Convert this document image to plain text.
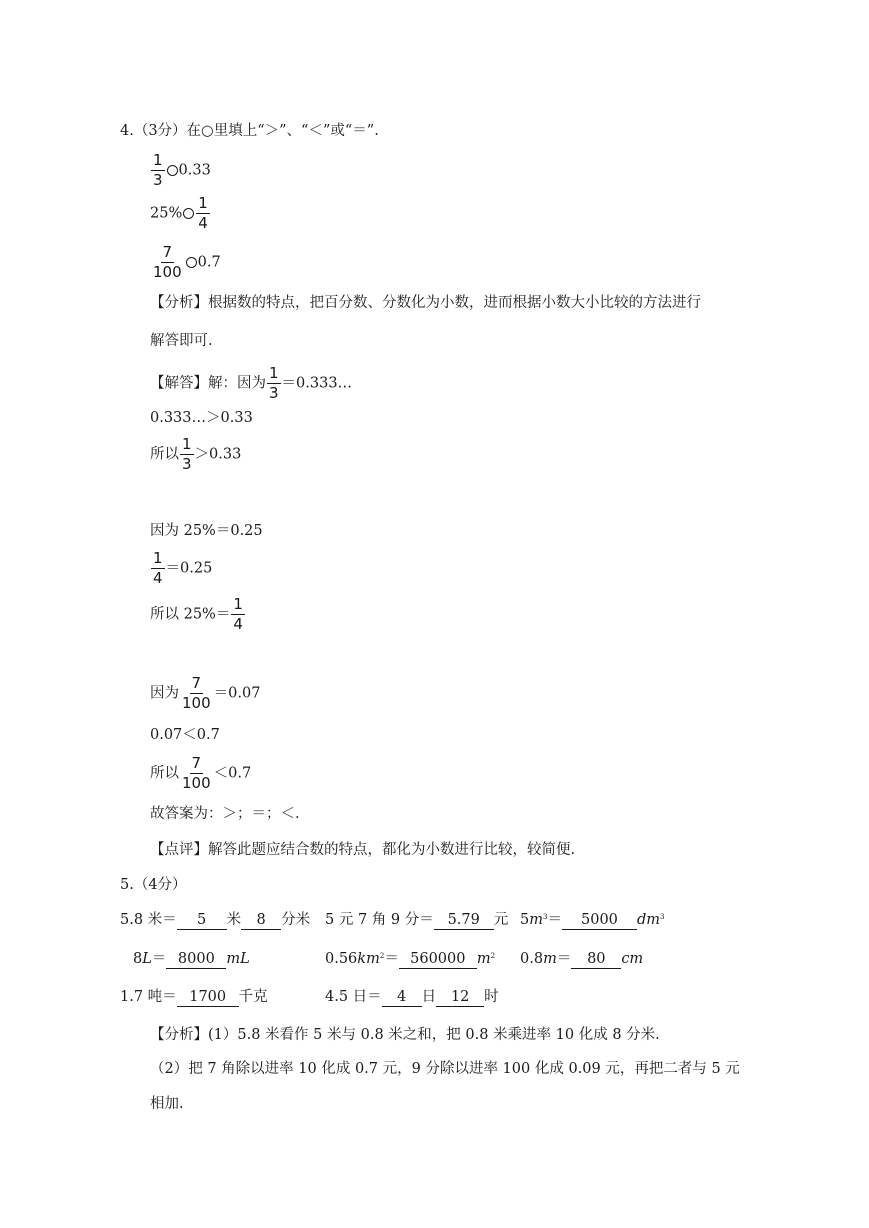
4.（3分）在○里填上“＞”、“＜”或“＝”.
$\frac{1}{3} 0.33$
$25\% \frac{1}{4}$
$\frac{7}{100} 0.7$
【分析】根据数的特点，把百分数、分数化为小数，进而根据小数大小比较的方法进行
解答即可.
【解答】解：因为 $\frac{1}{3}$ ＝0.333…
0.333…＞0.33
所以 $\frac{1}{3} >0.33$
因为 25%＝0.25
$\frac{1}{4} =0.25$
所以 $25\%= \frac{1}{4}$
因为 $\frac{7}{100} =0.07$
0.07＜0.7
所以 $\frac{7}{100} <0.7$
故答案为：＞；＝；＜.
【点评】解答此题应结合数的特点，都化为小数进行比较，较简便.
5.（4分）
5.8 米＝ 5 米 8 分米 5 元 7 角 9 分＝ 5.79 元 $5m^3= 5000$ $dm^3$
8L＝ 8000 mL	$0.56km^2= 560000$ $m^2$ 0.8m＝ 80 cm
1.7 吨＝ 1700 千克	4.5 日＝ 4 日 12 时
【分析】(1）5.8 米看作 5 米与 0.8 米之和，把 0.8 米乘进率 10 化成 8 分米.
（2）把 7 角除以进率 10 化成 0.7 元，9 分除以进率 100 化成 0.09 元，再把二者与 5 元
相加.
